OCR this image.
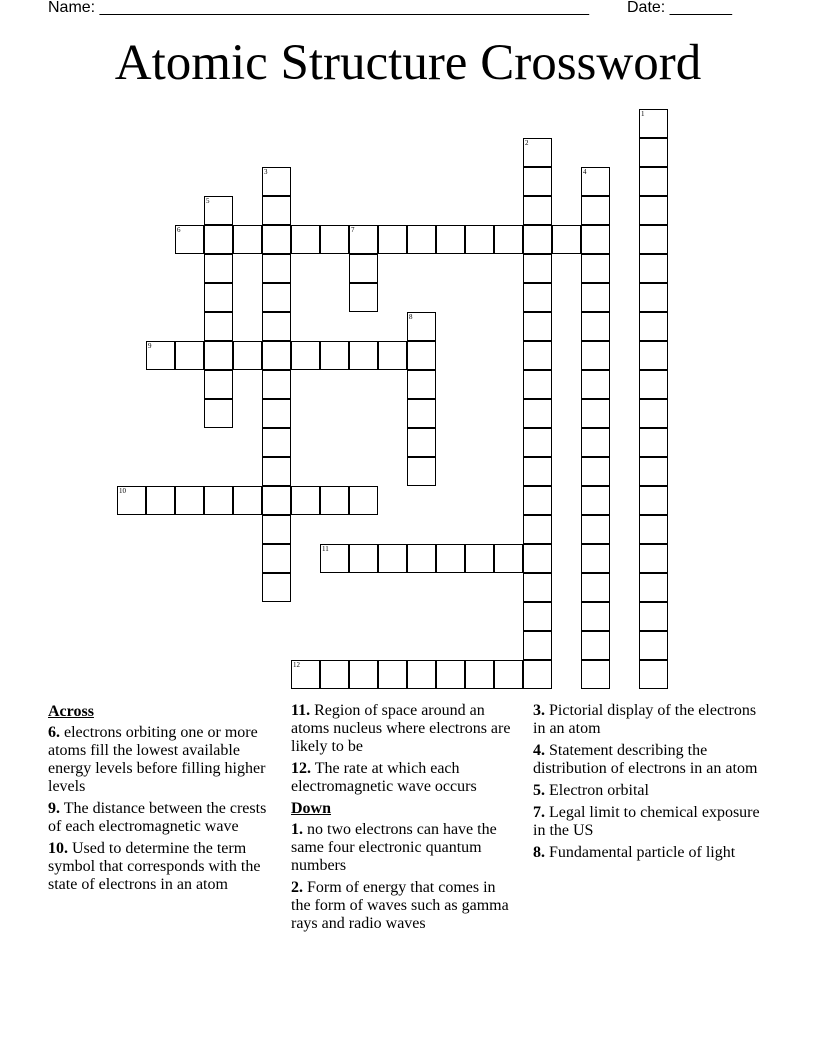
Name: _______________________________________________________ Date: _______
Atomic Structure Crossword
1
2
3	4
5
6	7
8
9
10
11
12
Across
6. electrons orbiting one or more atoms fill the lowest available energy levels before filling higher levels
9. The distance between the crests of each electromagnetic wave
10. Used to determine the term symbol that corresponds with the state of electrons in an atom
11. Region of space around an atoms nucleus where electrons are likely to be
12. The rate at which each electromagnetic wave occurs
Down
1. no two electrons can have the same four electronic quantum numbers
2. Form of energy that comes in the form of waves such as gamma rays and radio waves
3. Pictorial display of the electrons in an atom
4. Statement describing the distribution of electrons in an atom
5. Electron orbital
7. Legal limit to chemical exposure in the US
8. Fundamental particle of light
